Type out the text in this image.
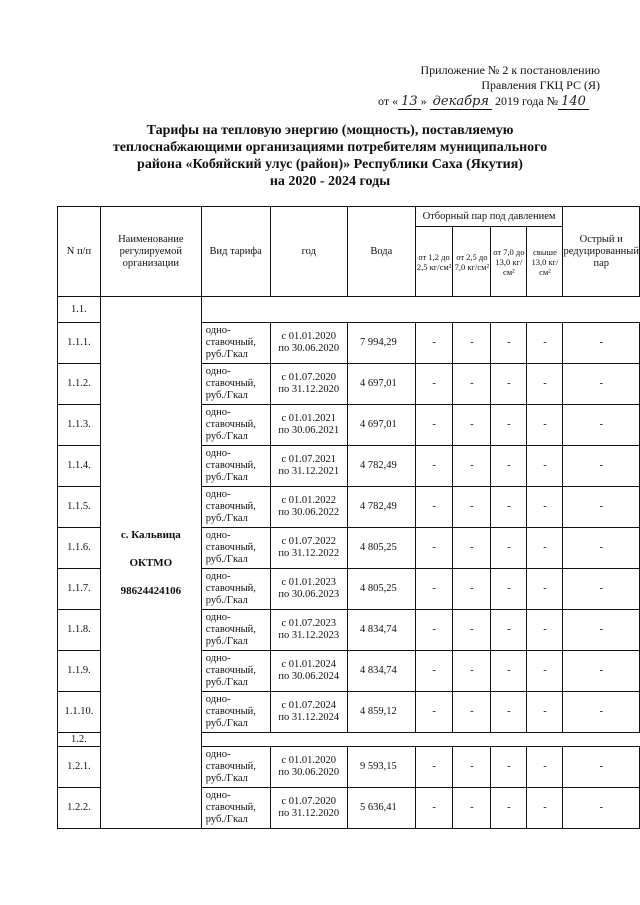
Приложение № 2 к постановлению
Правления ГКЦ РС (Я)
от « 13 » декабря 2019 года № 140
Тарифы на тепловую энергию (мощность), поставляемую
теплоснабжающими организациями потребителям муниципального
района «Кобяйский улус (район)» Республики Саха (Якутия)
на 2020 - 2024 годы
N п/п	Наименование регулируемой организации	Вид тарифа	год	Вода	Отборный пар под давлением				Острый и редуцированный пар
					от 1,2 до 2,5 кг/см²	от 2,5 до 7,0 кг/см²	от 7,0 до 13,0 кг/см²	свыше 13,0 кг/см²	
1.1.	с. Кальвица
ОКТМО
98624424106								

1.1.1.		одно-ставочный, руб./Гкал	с 01.01.2020
по 30.06.2020	7 994,29	-	-	-	-	-
1.1.2.		одно-ставочный, руб./Гкал	с 01.07.2020
по 31.12.2020	4 697,01	-	-	-	-	-
1.1.3.		одно-ставочный, руб./Гкал	с 01.01.2021
по 30.06.2021	4 697,01	-	-	-	-	-
1.1.4.		одно-ставочный, руб./Гкал	с 01.07.2021
по 31.12.2021	4 782,49	-	-	-	-	-
1.1.5.		одно-ставочный, руб./Гкал	с 01.01.2022
по 30.06.2022	4 782,49	-	-	-	-	-
1.1.6.		одно-ставочный, руб./Гкал	с 01.07.2022
по 31.12.2022	4 805,25	-	-	-	-	-
1.1.7.		одно-ставочный, руб./Гкал	с 01.01.2023
по 30.06.2023	4 805,25	-	-	-	-	-
1.1.8.		одно-ставочный, руб./Гкал	с 01.07.2023
по 31.12.2023	4 834,74	-	-	-	-	-
1.1.9.		одно-ставочный, руб./Гкал	с 01.01.2024
по 30.06.2024	4 834,74	-	-	-	-	-
1.1.10.		одно-ставочный, руб./Гкал	с 01.07.2024
по 31.12.2024	4 859,12	-	-	-	-	-
1.2.									
1.2.1.		одно-ставочный, руб./Гкал	с 01.01.2020
по 30.06.2020	9 593,15	-	-	-	-	-
1.2.2.		одно-ставочный, руб./Гкал	с 01.07.2020
по 31.12.2020	5 636,41	-	-	-	-	-
